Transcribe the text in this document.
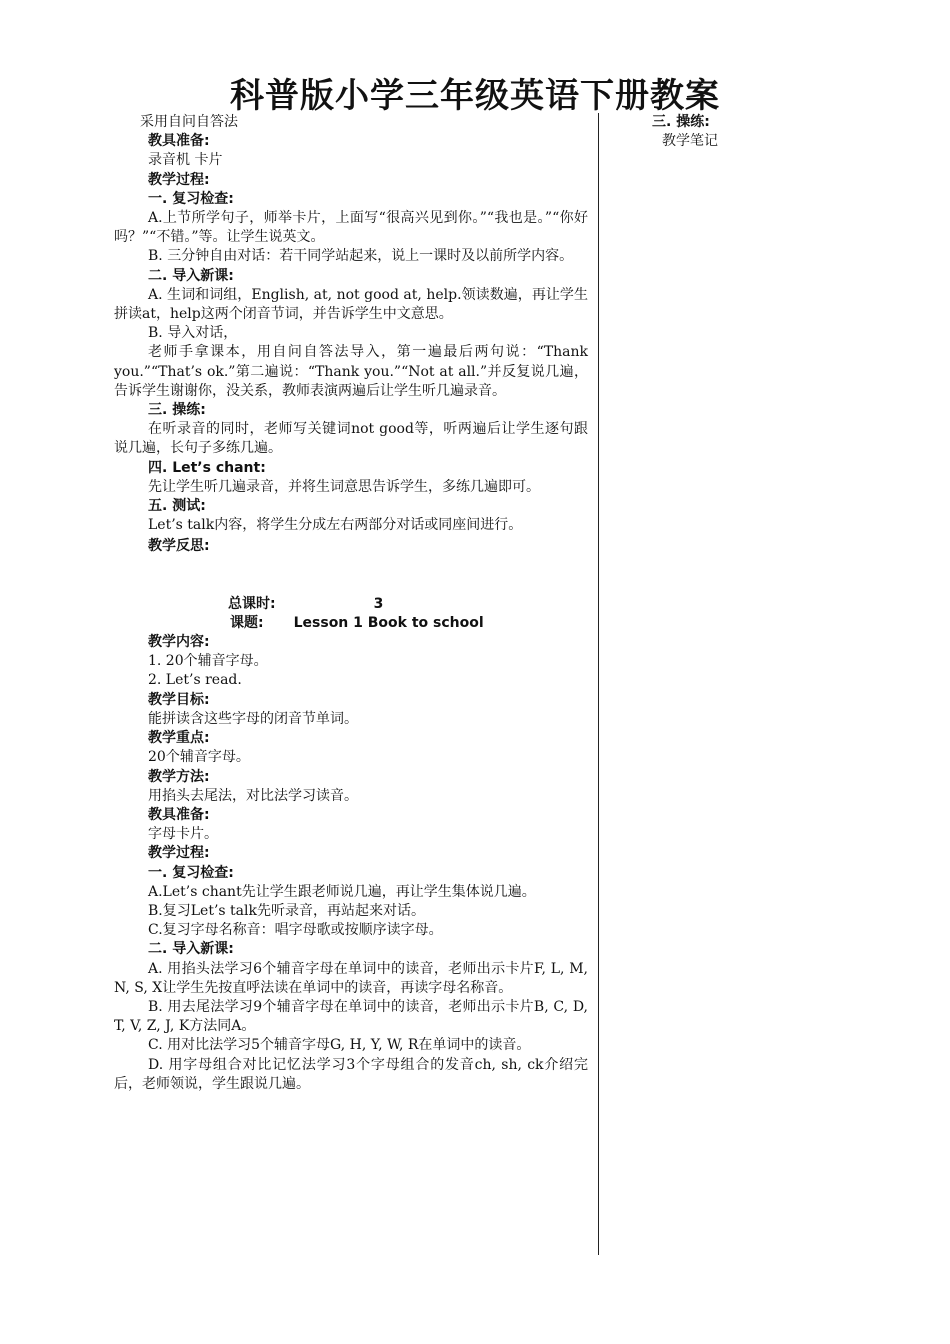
科普版小学三年级英语下册教案

三. 操练:

教学笔记

采用自问自答法

教具准备:

录音机 卡片

教学过程:

一. 复习检查:

A.上节所学句子，师举卡片，上面写“很高兴见到你。”“我也是。”“你好吗？”“不错。”等。让学生说英文。

B. 三分钟自由对话：若干同学站起来，说上一课时及以前所学内容。

二. 导入新课:

A. 生词和词组，English, at, not good at, help.领读数遍，再让学生拼读at，help这两个闭音节词，并告诉学生中文意思。

B. 导入对话，

老师手拿课本，用自问自答法导入，第一遍最后两句说：“Thank you.”“That’s ok.”第二遍说：“Thank you.”“Not at all.”并反复说几遍，告诉学生谢谢你，没关系，教师表演两遍后让学生听几遍录音。

三. 操练:

在听录音的同时，老师写关键词not good等，听两遍后让学生逐句跟说几遍，长句子多练几遍。

四. Let’s chant:

先让学生听几遍录音，并将生词意思告诉学生，多练几遍即可。

五. 测试:

Let’s talk内容，将学生分成左右两部分对话或同座间进行。

教学反思:

总课时:	3

课题: Lesson 1 Book to school

教学内容:

1. 20个辅音字母。

2. Let’s read.

教学目标:

能拼读含这些字母的闭音节单词。

教学重点:

20个辅音字母。

教学方法:

用掐头去尾法，对比法学习读音。

教具准备:

字母卡片。

教学过程:

一. 复习检查:

A.Let’s chant先让学生跟老师说几遍，再让学生集体说几遍。

B.复习Let’s talk先听录音，再站起来对话。

C.复习字母名称音：唱字母歌或按顺序读字母。

二. 导入新课:

A. 用掐头法学习6个辅音字母在单词中的读音，老师出示卡片F, L, M, N, S, X让学生先按直呼法读在单词中的读音，再读字母名称音。

B. 用去尾法学习9个辅音字母在单词中的读音，老师出示卡片B, C, D, T, V, Z, J, K方法同A。

C. 用对比法学习5个辅音字母G, H, Y, W, R在单词中的读音。

D. 用字母组合对比记忆法学习3个字母组合的发音ch, sh, ck介绍完后，老师领说，学生跟说几遍。
